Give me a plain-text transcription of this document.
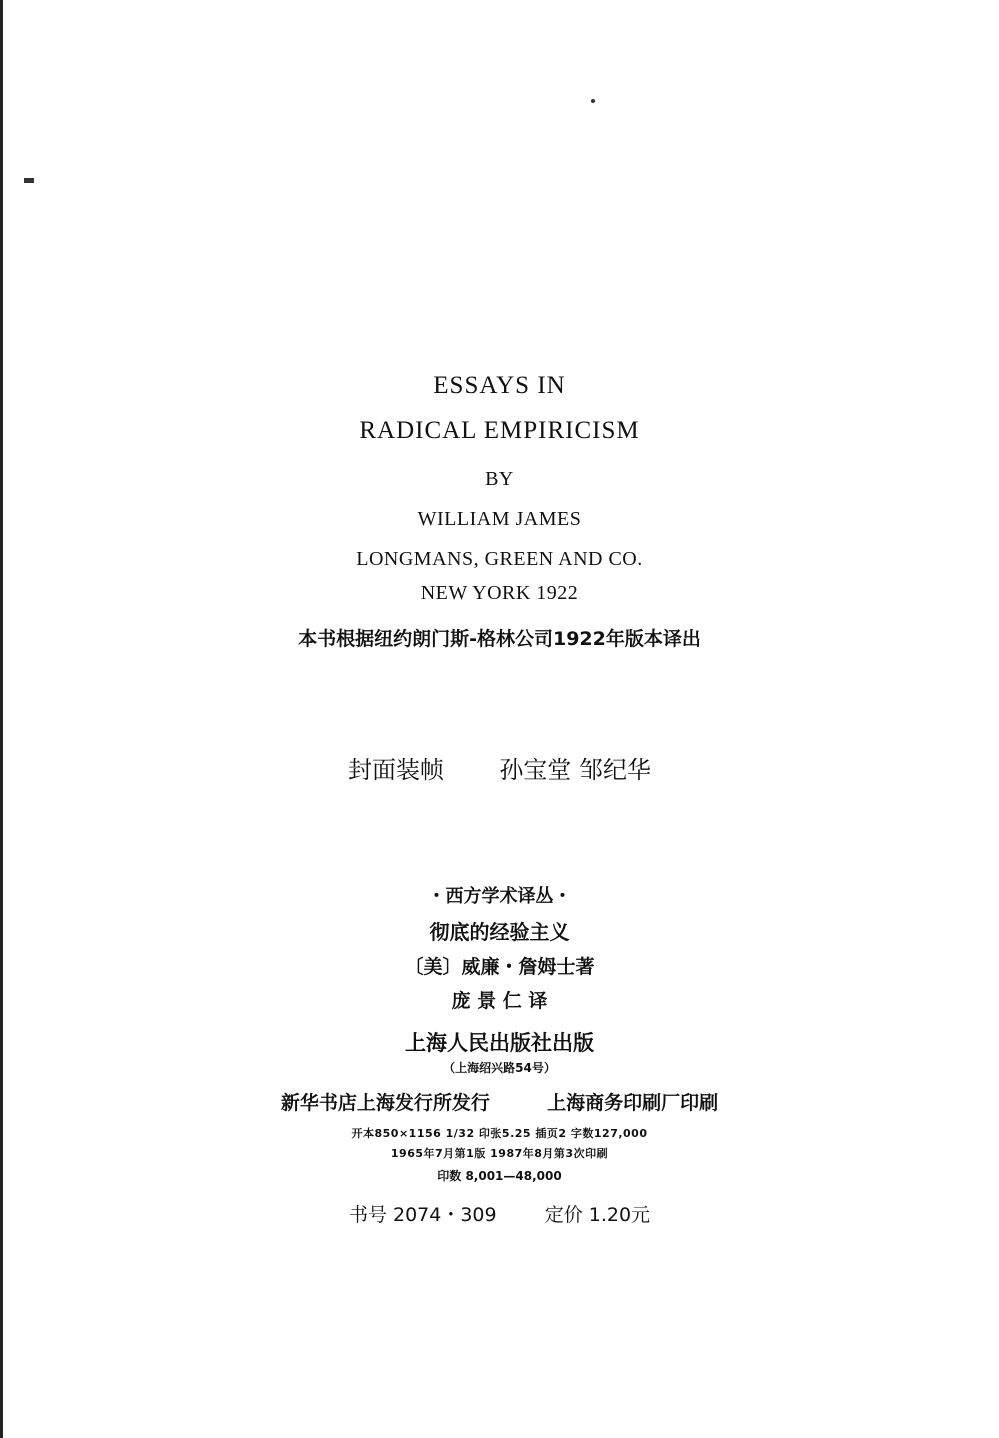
ESSAYS IN
RADICAL EMPIRICISM
BY
WILLIAM JAMES
LONGMANS, GREEN AND CO.
NEW YORK 1922
本书根据纽约朗门斯-格林公司1922年版本译出
封面装帧 孙宝堂 邹纪华
・西方学术译丛・
彻底的经验主义
〔美〕威廉・詹姆士著
庞 景 仁 译
上海人民出版社出版
（上海绍兴路54号）
新华书店上海发行所发行	上海商务印刷厂印刷
开本850×1156 1/32 印张5.25 插页2 字数127,000
1965年7月第1版 1987年8月第3次印刷
印数 8,001—48,000
书号 2074・309	定价 1.20元
